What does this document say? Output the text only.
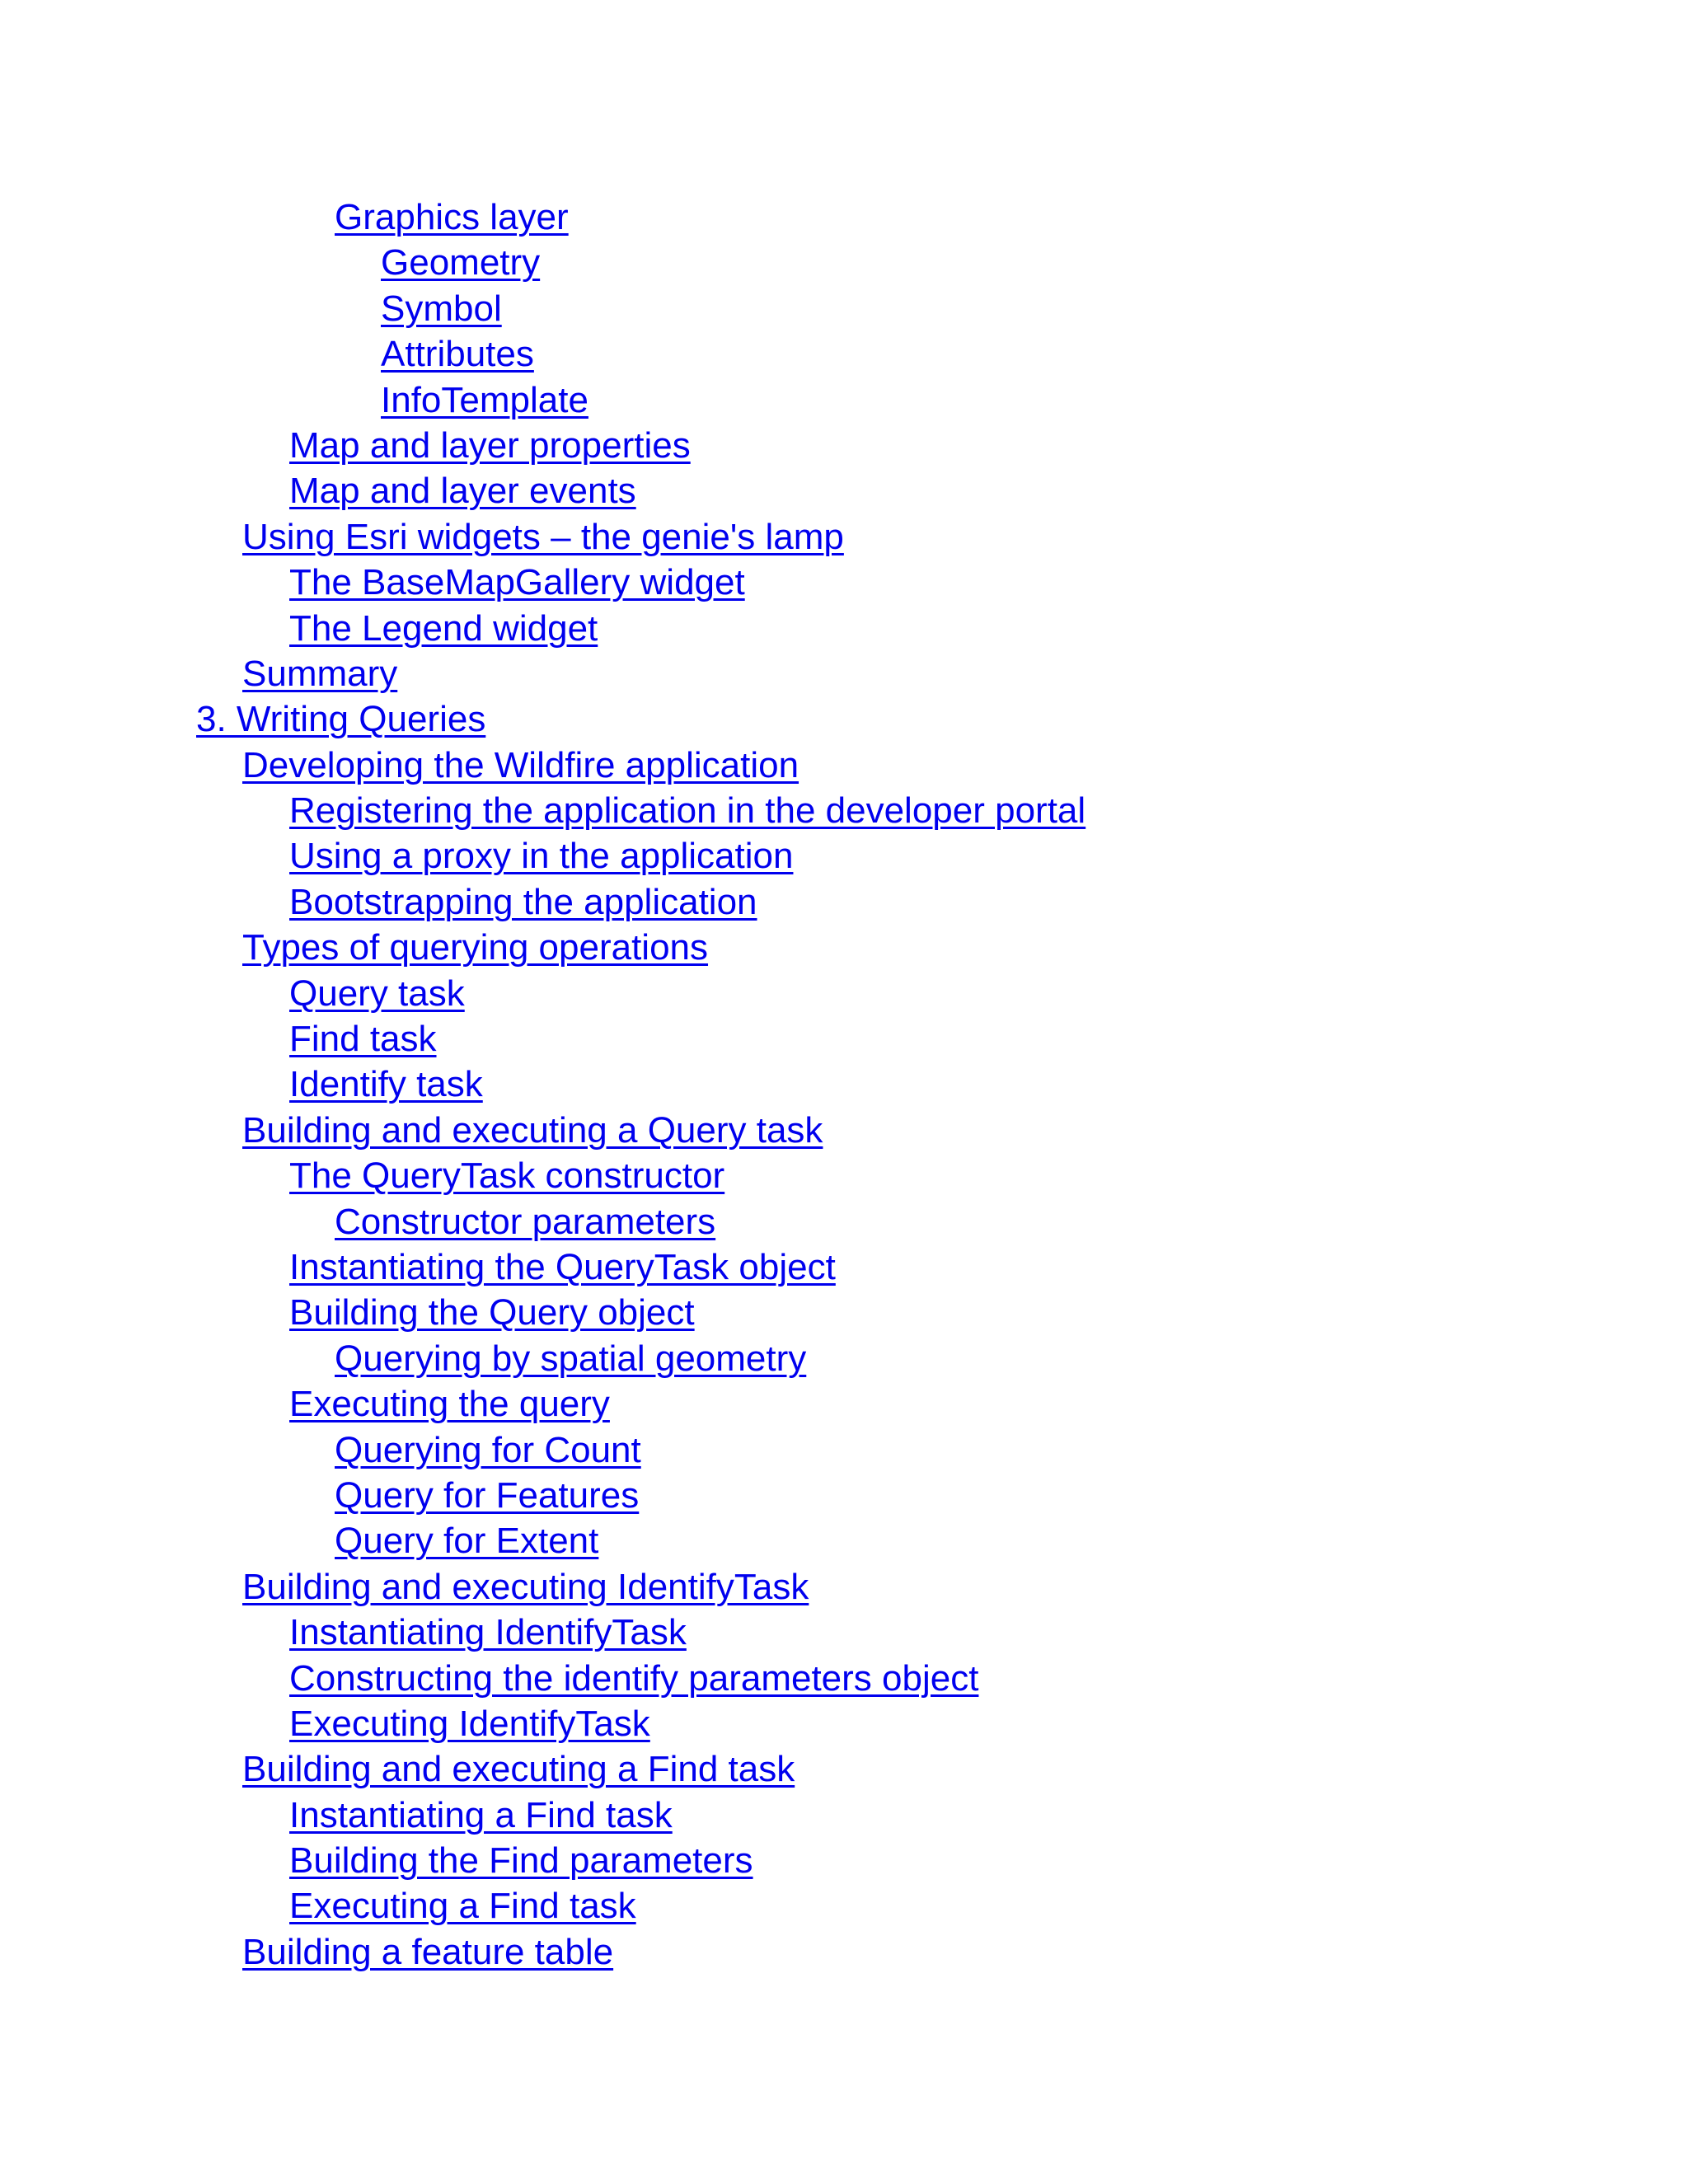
Graphics layer
Geometry
Symbol
Attributes
InfoTemplate
Map and layer properties
Map and layer events
Using Esri widgets – the genie's lamp
The BaseMapGallery widget
The Legend widget
Summary
3. Writing Queries
Developing the Wildfire application
Registering the application in the developer portal
Using a proxy in the application
Bootstrapping the application
Types of querying operations
Query task
Find task
Identify task
Building and executing a Query task
The QueryTask constructor
Constructor parameters
Instantiating the QueryTask object
Building the Query object
Querying by spatial geometry
Executing the query
Querying for Count
Query for Features
Query for Extent
Building and executing IdentifyTask
Instantiating IdentifyTask
Constructing the identify parameters object
Executing IdentifyTask
Building and executing a Find task
Instantiating a Find task
Building the Find parameters
Executing a Find task
Building a feature table
